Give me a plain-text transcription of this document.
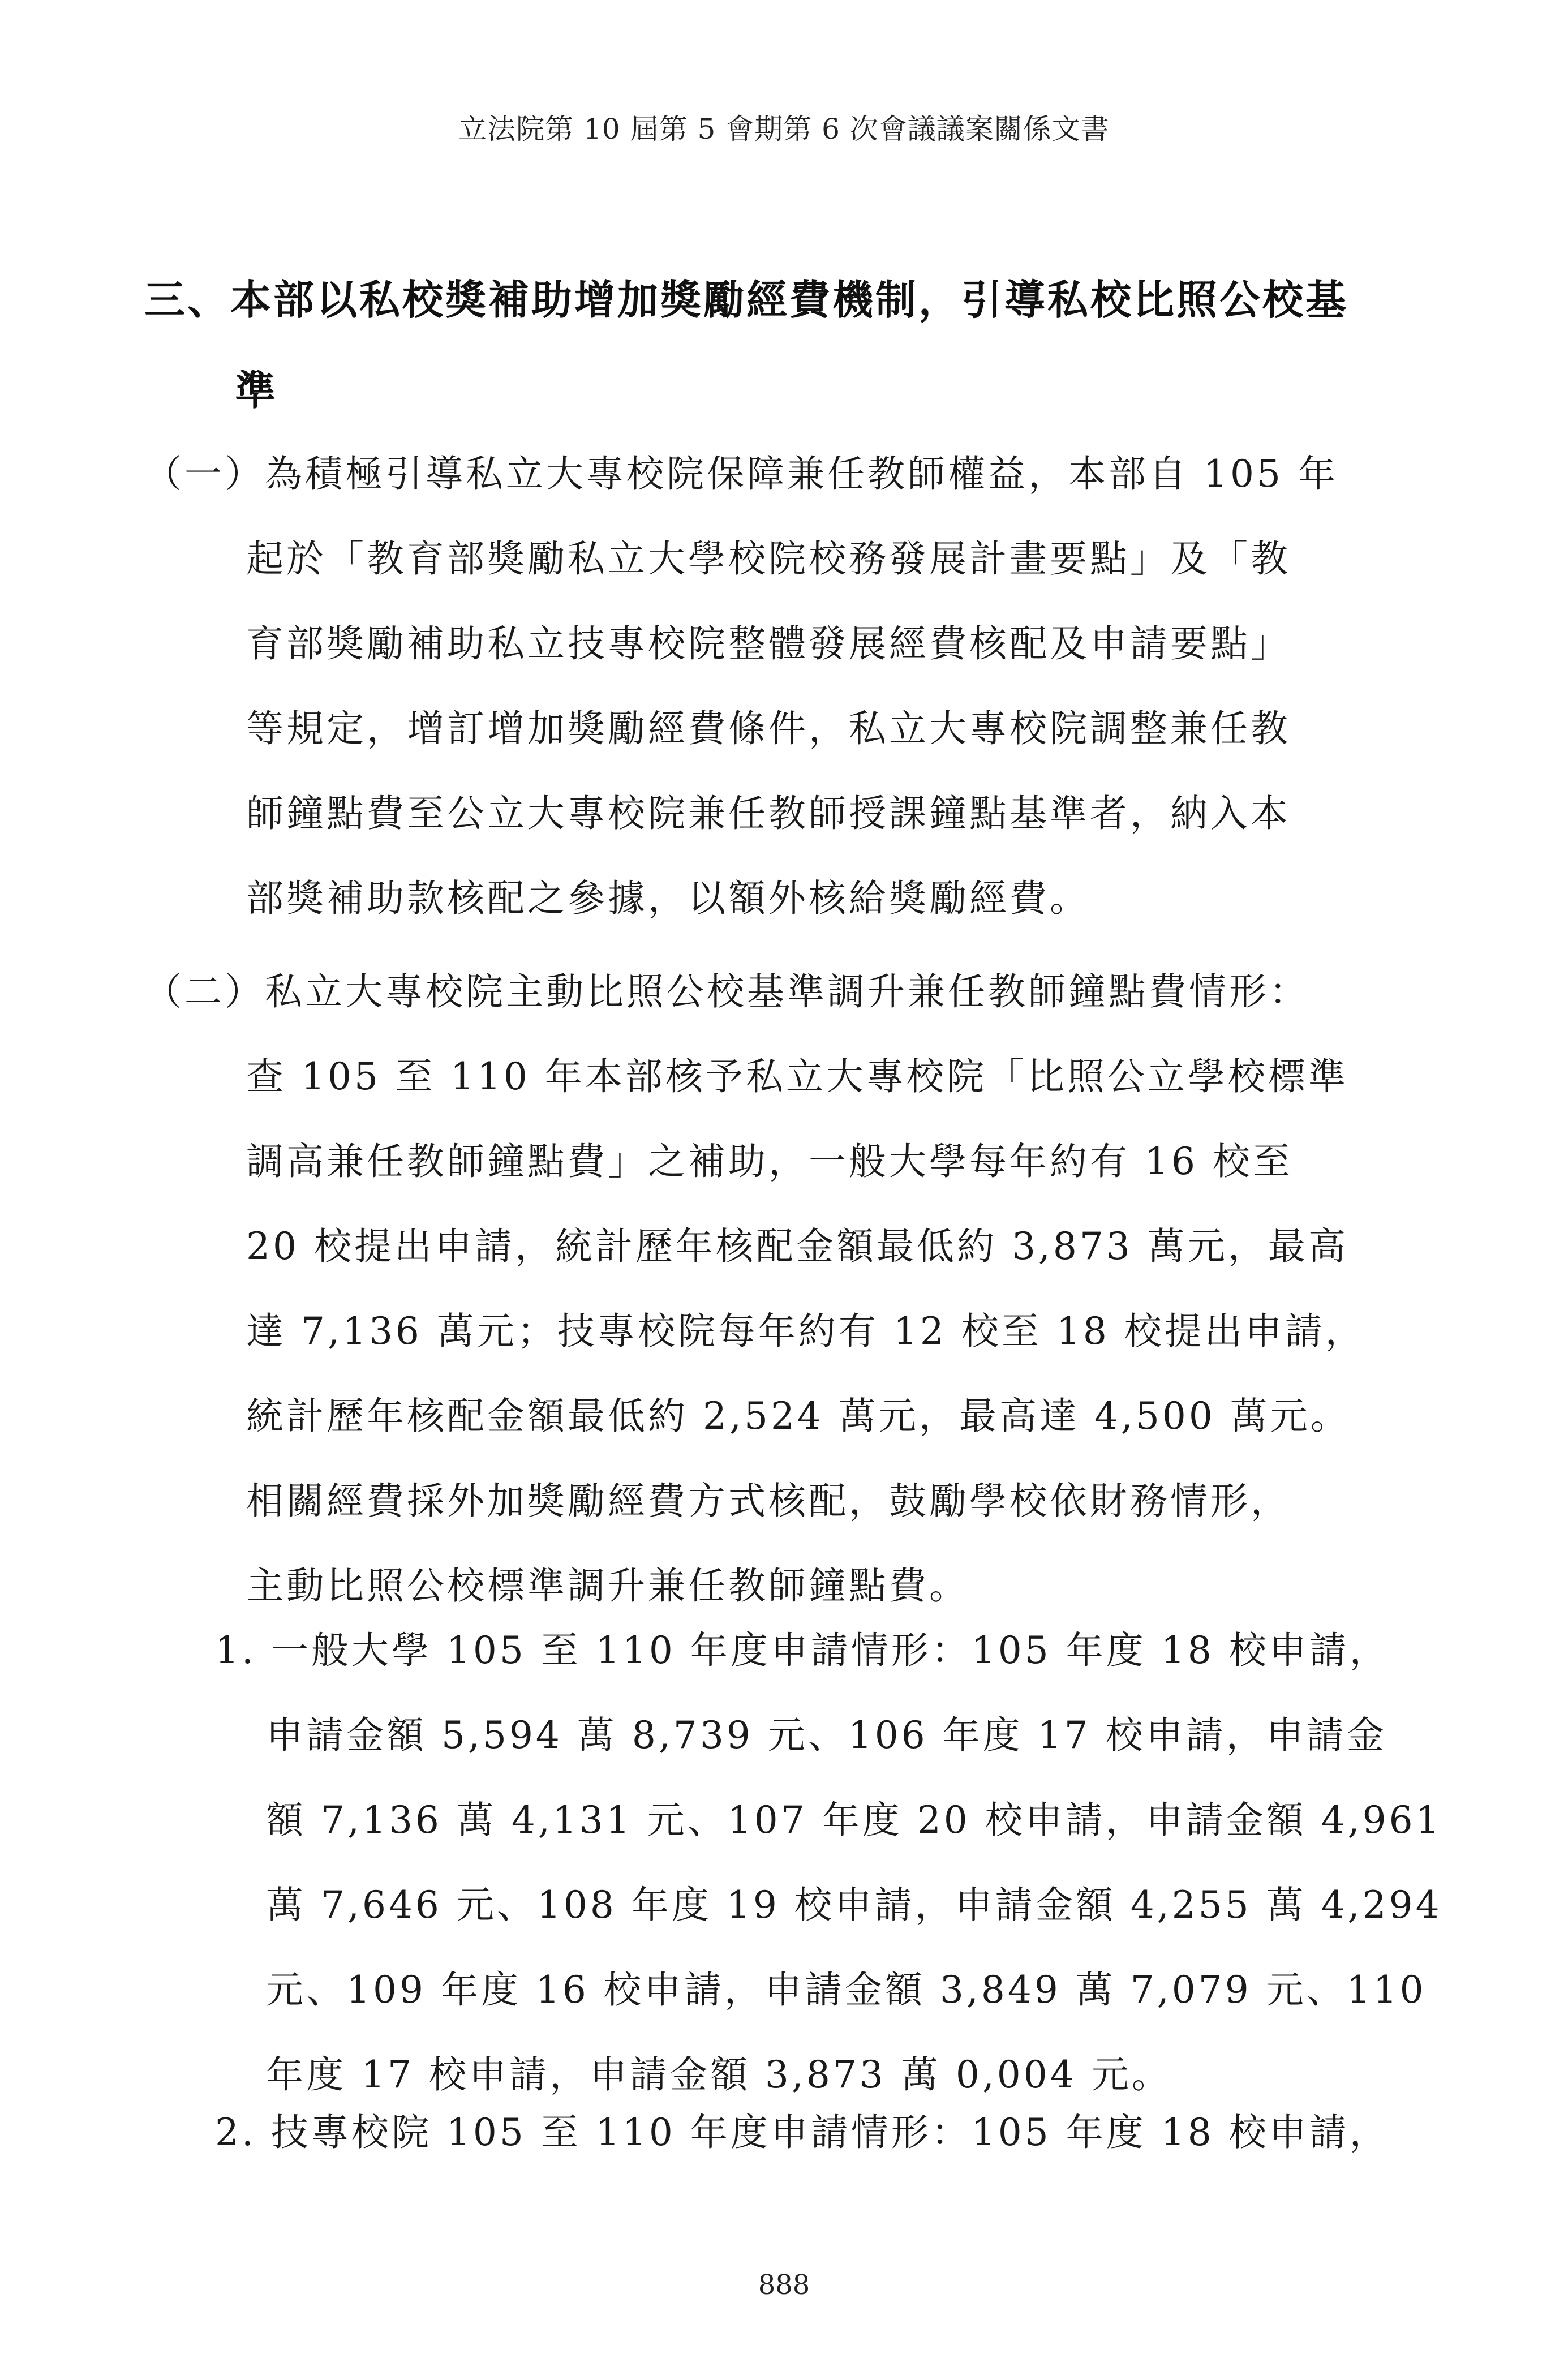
立法院第 10 屆第 5 會期第 6 次會議議案關係文書
三、本部以私校獎補助增加獎勵經費機制，引導私校比照公校基
準
（一）為積極引導私立大專校院保障兼任教師權益，本部自 105 年
起於「教育部獎勵私立大學校院校務發展計畫要點」及「教
育部獎勵補助私立技專校院整體發展經費核配及申請要點」
等規定，增訂增加獎勵經費條件，私立大專校院調整兼任教
師鐘點費至公立大專校院兼任教師授課鐘點基準者，納入本
部獎補助款核配之參據，以額外核給獎勵經費。
（二）私立大專校院主動比照公校基準調升兼任教師鐘點費情形：
查 105 至 110 年本部核予私立大專校院「比照公立學校標準
調高兼任教師鐘點費」之補助，一般大學每年約有 16 校至
20 校提出申請，統計歷年核配金額最低約 3,873 萬元，最高
達 7,136 萬元；技專校院每年約有 12 校至 18 校提出申請，
統計歷年核配金額最低約 2,524 萬元，最高達 4,500 萬元。
相關經費採外加獎勵經費方式核配，鼓勵學校依財務情形，
主動比照公校標準調升兼任教師鐘點費。
1. 一般大學 105 至 110 年度申請情形：105 年度 18 校申請，
申請金額 5,594 萬 8,739 元、106 年度 17 校申請，申請金
額 7,136 萬 4,131 元、107 年度 20 校申請，申請金額 4,961
萬 7,646 元、108 年度 19 校申請，申請金額 4,255 萬 4,294
元、109 年度 16 校申請，申請金額 3,849 萬 7,079 元、110
年度 17 校申請，申請金額 3,873 萬 0,004 元。
2. 技專校院 105 至 110 年度申請情形：105 年度 18 校申請，
888
